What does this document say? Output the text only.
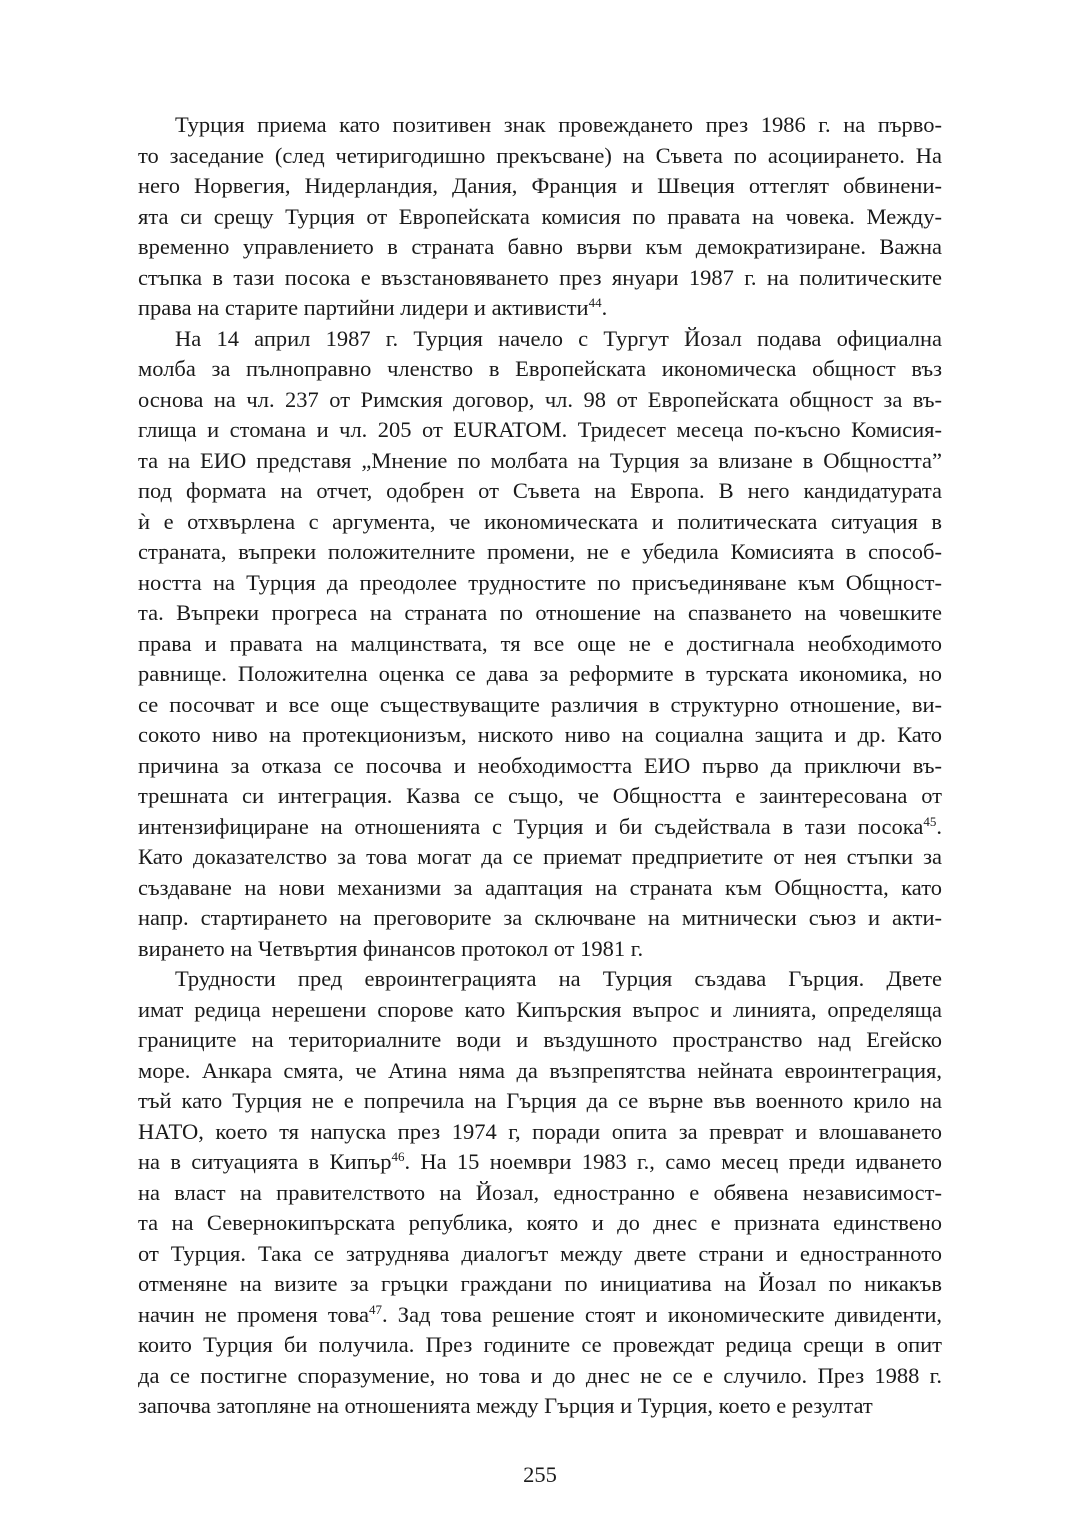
Турция приема като позитивен знак провеждането през 1986 г. на първо-
то заседание (след четиригодишно прекъсване) на Съвета по асоциирането. На
него Норвегия, Нидерландия, Дания, Франция и Швеция оттеглят обвинени-
ята си срещу Турция от Европейската комисия по правата на човека. Между-
временно управлението в страната бавно върви към демократизиране. Важна
стъпка в тази посока е възстановяването през януари 1987 г. на политическите
права на старите партийни лидери и активисти$^{44}$.
На 14 април 1987 г. Турция начело с Тургут Йозал подава официална
молба за пълноправно членство в Европейската икономическа общност въз
основа на чл. 237 от Римския договор, чл. 98 от Европейската общност за въ-
глища и стомана и чл. 205 от EURATOM. Тридесет месеца по-късно Комисия-
та на ЕИО представя „Мнение по молбата на Турция за влизане в Общността”
под формата на отчет, одобрен от Съвета на Европа. В него кандидатурата
ѝ е отхвърлена с аргумента, че икономическата и политическата ситуация в
страната, въпреки положителните промени, не е убедила Комисията в способ-
ността на Турция да преодолее трудностите по присъединяване към Общност-
та. Въпреки прогреса на страната по отношение на спазването на човешките
права и правата на малцинствата, тя все още не е достигнала необходимото
равнище. Положителна оценка се дава за реформите в турската икономика, но
се посочват и все още съществуващите различия в структурно отношение, ви-
сокото ниво на протекционизъм, ниското ниво на социална защита и др. Като
причина за отказа се посочва и необходимостта ЕИО първо да приключи въ-
трешната си интеграция. Казва се също, че Общността е заинтересована от
интензифициране на отношенията с Турция и би съдействала в тази посока$^{45}$.
Като доказателство за това могат да се приемат предприетите от нея стъпки за
създаване на нови механизми за адаптация на страната към Общността, като
напр. стартирането на преговорите за сключване на митнически съюз и акти-
вирането на Четвъртия финансов протокол от 1981 г.
Трудности пред евроинтеграцията на Турция създава Гърция. Двете
имат редица нерешени спорове като Кипърския въпрос и линията, определяща
границите на териториалните води и въздушното пространство над Егейско
море. Анкара смята, че Атина няма да възпрепятства нейната евроинтеграция,
тъй като Турция не е попречила на Гърция да се върне във военното крило на
НАТО, което тя напуска през 1974 г, поради опита за преврат и влошаването
на в ситуацията в Кипър$^{46}$. На 15 ноември 1983 г., само месец преди идването
на власт на правителството на Йозал, едностранно е обявена независимост-
та на Севернокипърската република, която и до днес е призната единствено
от Турция. Така се затруднява диалогът между двете страни и едностранното
отменяне на визите за гръцки граждани по инициатива на Йозал по никакъв
начин не променя това$^{47}$. Зад това решение стоят и икономическите дивиденти,
които Турция би получила. През годините се провеждат редица срещи в опит
да се постигне споразумение, но това и до днес не се е случило. През 1988 г.
започва затопляне на отношенията между Гърция и Турция, което е резултат
255
